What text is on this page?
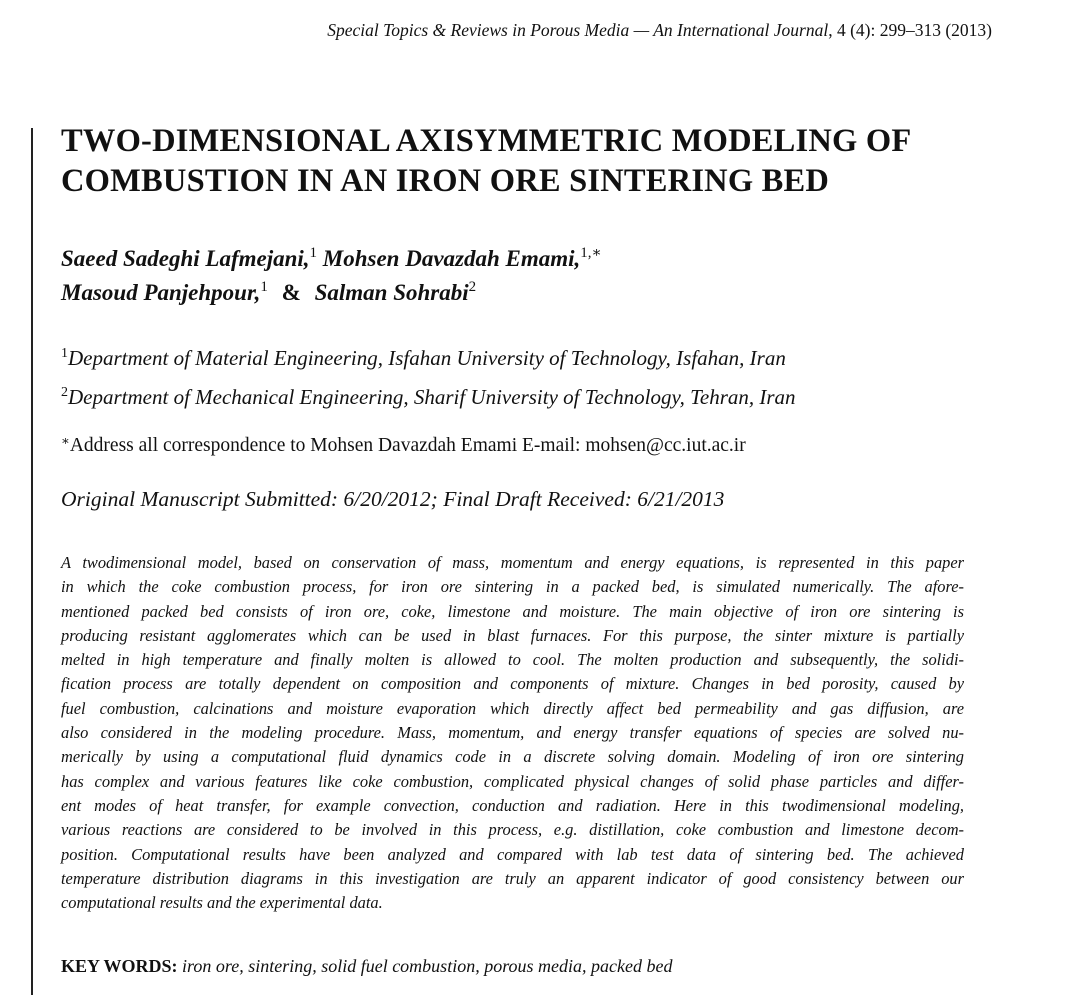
Special Topics & Reviews in Porous Media — An International Journal, 4 (4): 299–313 (2013)
TWO-DIMENSIONAL AXISYMMETRIC MODELING OF
COMBUSTION IN AN IRON ORE SINTERING BED
Saeed Sadeghi Lafmejani,$^1$ Mohsen Davazdah Emami,$^{1,∗}$
Masoud Panjehpour,$^1$ & Salman Sohrabi$^2$
$^1$Department of Material Engineering, Isfahan University of Technology, Isfahan, Iran
$^2$Department of Mechanical Engineering, Sharif University of Technology, Tehran, Iran
∗Address all correspondence to Mohsen Davazdah Emami E-mail: mohsen@cc.iut.ac.ir
Original Manuscript Submitted: 6/20/2012; Final Draft Received: 6/21/2013
A twodimensional model, based on conservation of mass, momentum and energy equations, is represented in this paper
in which the coke combustion process, for iron ore sintering in a packed bed, is simulated numerically. The afore-
mentioned packed bed consists of iron ore, coke, limestone and moisture. The main objective of iron ore sintering is
producing resistant agglomerates which can be used in blast furnaces. For this purpose, the sinter mixture is partially
melted in high temperature and finally molten is allowed to cool. The molten production and subsequently, the solidi-
fication process are totally dependent on composition and components of mixture. Changes in bed porosity, caused by
fuel combustion, calcinations and moisture evaporation which directly affect bed permeability and gas diffusion, are
also considered in the modeling procedure. Mass, momentum, and energy transfer equations of species are solved nu-
merically by using a computational fluid dynamics code in a discrete solving domain. Modeling of iron ore sintering
has complex and various features like coke combustion, complicated physical changes of solid phase particles and differ-
ent modes of heat transfer, for example convection, conduction and radiation. Here in this twodimensional modeling,
various reactions are considered to be involved in this process, e.g. distillation, coke combustion and limestone decom-
position. Computational results have been analyzed and compared with lab test data of sintering bed. The achieved
temperature distribution diagrams in this investigation are truly an apparent indicator of good consistency between our
computational results and the experimental data.
KEY WORDS: iron ore, sintering, solid fuel combustion, porous media, packed bed
